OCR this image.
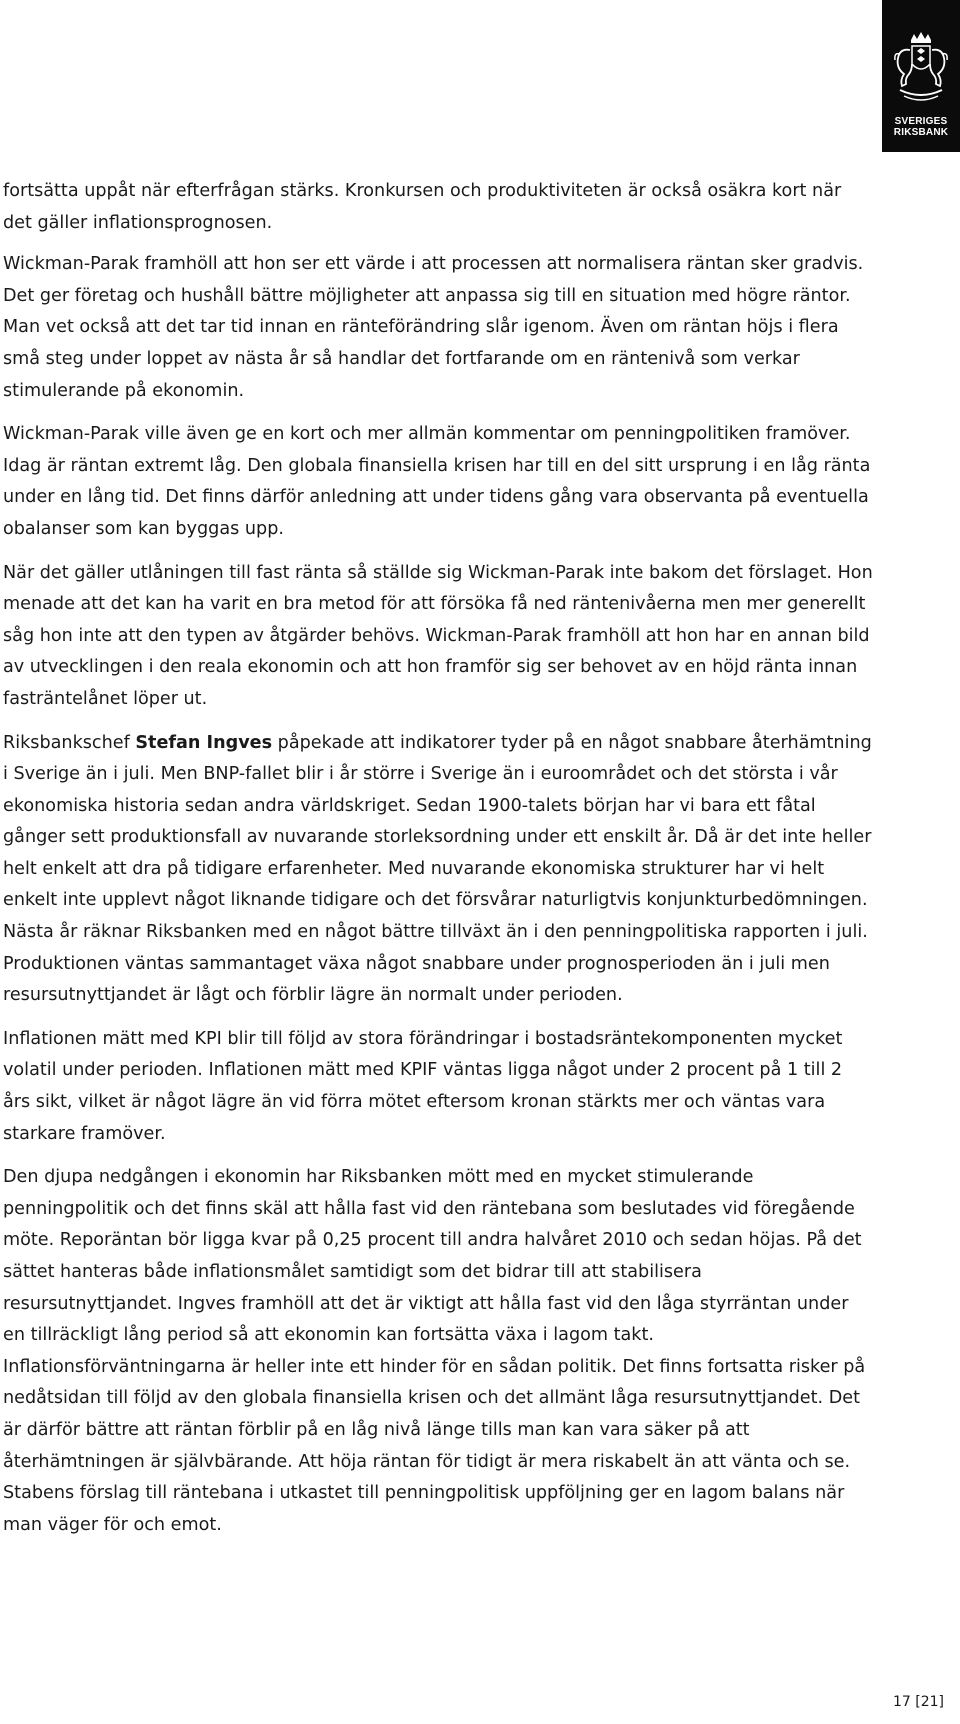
SVERIGES
RIKSBANK

fortsätta uppåt när efterfrågan stärks. Kronkursen och produktiviteten är också osäkra kort när det gäller inflationsprognosen.

Wickman-Parak framhöll att hon ser ett värde i att processen att normalisera räntan sker gradvis. Det ger företag och hushåll bättre möjligheter att anpassa sig till en situation med högre räntor. Man vet också att det tar tid innan en ränteförändring slår igenom. Även om räntan höjs i flera små steg under loppet av nästa år så handlar det fortfarande om en räntenivå som verkar stimulerande på ekonomin.

Wickman-Parak ville även ge en kort och mer allmän kommentar om penningpolitiken framöver. Idag är räntan extremt låg. Den globala finansiella krisen har till en del sitt ursprung i en låg ränta under en lång tid. Det finns därför anledning att under tidens gång vara observanta på eventuella obalanser som kan byggas upp.

När det gäller utlåningen till fast ränta så ställde sig Wickman-Parak inte bakom det förslaget. Hon menade att det kan ha varit en bra metod för att försöka få ned räntenivåerna men mer generellt såg hon inte att den typen av åtgärder behövs. Wickman-Parak framhöll att hon har en annan bild av utvecklingen i den reala ekonomin och att hon framför sig ser behovet av en höjd ränta innan fasträntelånet löper ut.

Riksbankschef Stefan Ingves påpekade att indikatorer tyder på en något snabbare återhämtning i Sverige än i juli. Men BNP-fallet blir i år större i Sverige än i euroområdet och det största i vår ekonomiska historia sedan andra världskriget. Sedan 1900-talets början har vi bara ett fåtal gånger sett produktionsfall av nuvarande storleksordning under ett enskilt år. Då är det inte heller helt enkelt att dra på tidigare erfarenheter. Med nuvarande ekonomiska strukturer har vi helt enkelt inte upplevt något liknande tidigare och det försvårar naturligtvis konjunkturbedömningen. Nästa år räknar Riksbanken med en något bättre tillväxt än i den penningpolitiska rapporten i juli. Produktionen väntas sammantaget växa något snabbare under prognosperioden än i juli men resursutnyttjandet är lågt och förblir lägre än normalt under perioden.

Inflationen mätt med KPI blir till följd av stora förändringar i bostadsräntekomponenten mycket volatil under perioden. Inflationen mätt med KPIF väntas ligga något under 2 procent på 1 till 2 års sikt, vilket är något lägre än vid förra mötet eftersom kronan stärkts mer och väntas vara starkare framöver.

Den djupa nedgången i ekonomin har Riksbanken mött med en mycket stimulerande penningpolitik och det finns skäl att hålla fast vid den räntebana som beslutades vid föregående möte. Reporäntan bör ligga kvar på 0,25 procent till andra halvåret 2010 och sedan höjas. På det sättet hanteras både inflationsmålet samtidigt som det bidrar till att stabilisera resursutnyttjandet. Ingves framhöll att det är viktigt att hålla fast vid den låga styrräntan under en tillräckligt lång period så att ekonomin kan fortsätta växa i lagom takt. Inflationsförväntningarna är heller inte ett hinder för en sådan politik. Det finns fortsatta risker på nedåtsidan till följd av den globala finansiella krisen och det allmänt låga resursutnyttjandet. Det är därför bättre att räntan förblir på en låg nivå länge tills man kan vara säker på att återhämtningen är självbärande. Att höja räntan för tidigt är mera riskabelt än att vänta och se. Stabens förslag till räntebana i utkastet till penningpolitisk uppföljning ger en lagom balans när man väger för och emot.

17 [21]
